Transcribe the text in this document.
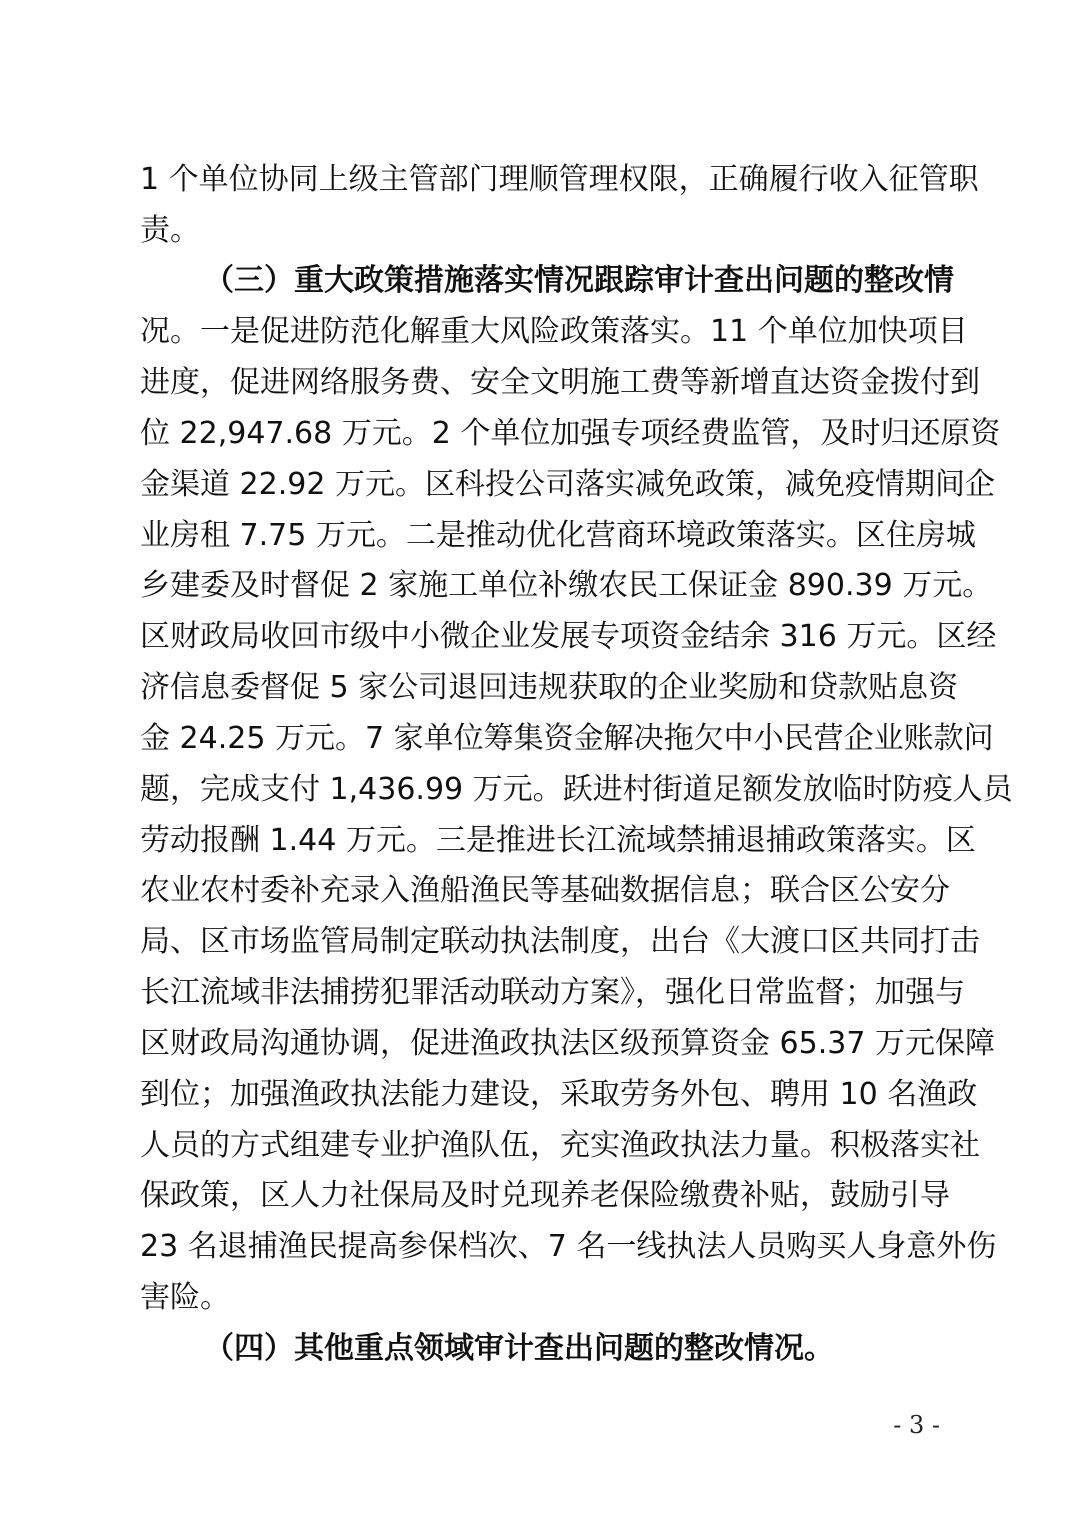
1 个单位协同上级主管部门理顺管理权限，正确履行收入征管职
责。
（三）重大政策措施落实情况跟踪审计查出问题的整改情
况。一是促进防范化解重大风险政策落实。11 个单位加快项目
进度，促进网络服务费、安全文明施工费等新增直达资金拨付到
位 22,947.68 万元。2 个单位加强专项经费监管，及时归还原资
金渠道 22.92 万元。区科投公司落实减免政策，减免疫情期间企
业房租 7.75 万元。二是推动优化营商环境政策落实。区住房城
乡建委及时督促 2 家施工单位补缴农民工保证金 890.39 万元。
区财政局收回市级中小微企业发展专项资金结余 316 万元。区经
济信息委督促 5 家公司退回违规获取的企业奖励和贷款贴息资
金 24.25 万元。7 家单位筹集资金解决拖欠中小民营企业账款问
题，完成支付 1,436.99 万元。跃进村街道足额发放临时防疫人员
劳动报酬 1.44 万元。三是推进长江流域禁捕退捕政策落实。区
农业农村委补充录入渔船渔民等基础数据信息；联合区公安分
局、区市场监管局制定联动执法制度，出台《大渡口区共同打击
长江流域非法捕捞犯罪活动联动方案》，强化日常监督；加强与
区财政局沟通协调，促进渔政执法区级预算资金 65.37 万元保障
到位；加强渔政执法能力建设，采取劳务外包、聘用 10 名渔政
人员的方式组建专业护渔队伍，充实渔政执法力量。积极落实社
保政策，区人力社保局及时兑现养老保险缴费补贴，鼓励引导
23 名退捕渔民提高参保档次、7 名一线执法人员购买人身意外伤
害险。
（四）其他重点领域审计查出问题的整改情况。
- 3 -
